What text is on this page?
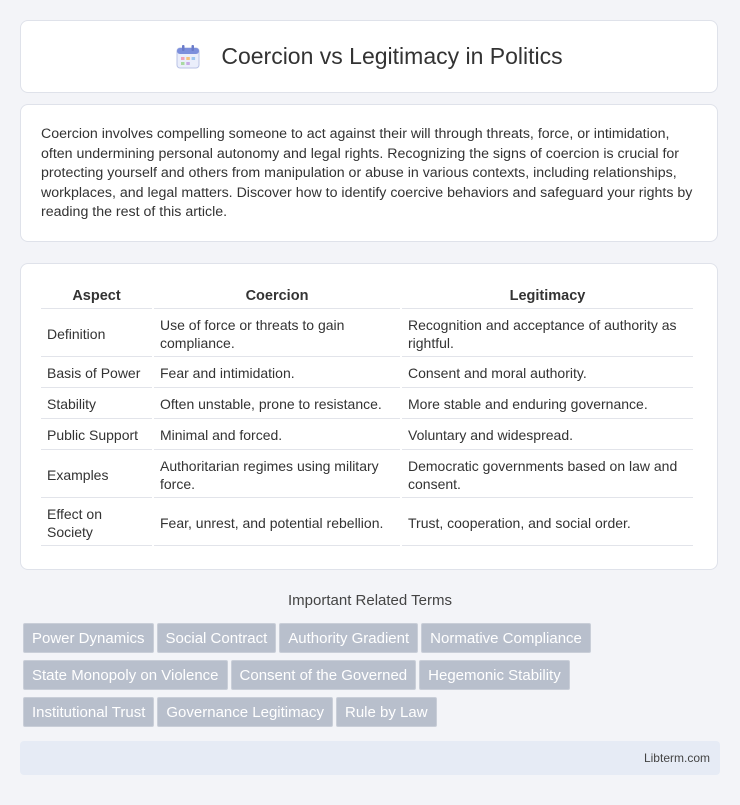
Coercion vs Legitimacy in Politics

Coercion involves compelling someone to act against their will through threats, force, or intimidation, often undermining personal autonomy and legal rights. Recognizing the signs of coercion is crucial for protecting yourself and others from manipulation or abuse in various contexts, including relationships, workplaces, and legal matters. Discover how to identify coercive behaviors and safeguard your rights by reading the rest of this article.

Aspect	Coercion	Legitimacy
Definition	Use of force or threats to gain compliance.	Recognition and acceptance of authority as rightful.
Basis of Power	Fear and intimidation.	Consent and moral authority.
Stability	Often unstable, prone to resistance.	More stable and enduring governance.
Public Support	Minimal and forced.	Voluntary and widespread.
Examples	Authoritarian regimes using military force.	Democratic governments based on law and consent.
Effect on Society	Fear, unrest, and potential rebellion.	Trust, cooperation, and social order.
Important Related Terms
Power Dynamics Social Contract Authority Gradient Normative Compliance
State Monopoly on Violence Consent of the Governed Hegemonic Stability
Institutional Trust Governance Legitimacy Rule by Law
Libterm.com
